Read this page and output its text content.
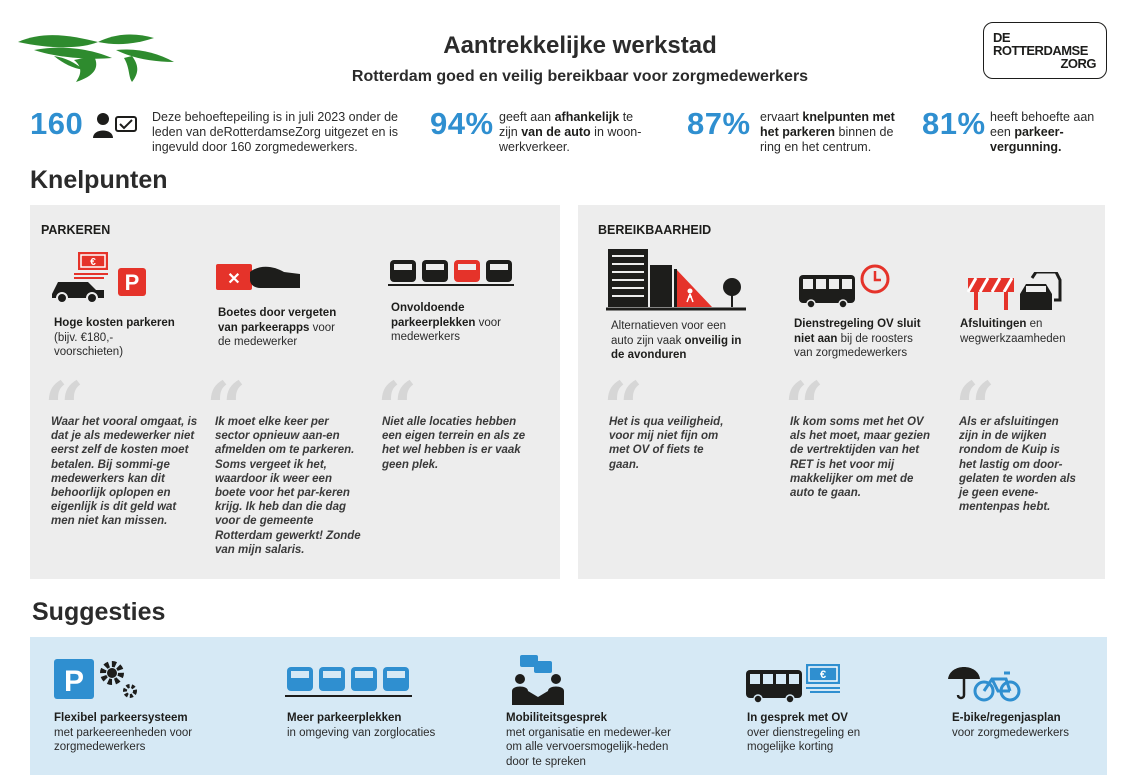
Aantrekkelijke werkstad
Rotterdam goed en veilig bereikbaar voor zorgmedewerkers
DE
ROTTERDAMSE
ZORG
160	Deze behoeftepeiling is in juli 2023 onder de leden van deRotterdamseZorg uitgezet en is ingevuld door 160 zorgmedewerkers.
94% geeft aan afhankelijk te zijn van de auto in woon-werkverkeer.
87% ervaart knelpunten met het parkeren binnen de ring en het centrum.
81% heeft behoefte aan een parkeer-vergunning.
Knelpunten
PARKEREN	BEREIKBAARHEID
€
P	✕
Hoge kosten parkeren (bijv. €180,- voorschieten)
Boetes door vergeten van parkeerapps voor de medewerker
Onvoldoende parkeerplekken voor medewerkers
Waar het vooral omgaat, is dat je als medewerker niet eerst zelf de kosten moet betalen. Bij sommi-ge medewerkers kan dit behoorlijk oplopen en eigenlijk is dit geld wat men niet kan missen.
Ik moet elke keer per sector opnieuw aan-en afmelden om te parkeren. Soms vergeet ik het, waardoor ik weer een boete voor het par-keren krijg. Ik heb dan die dag voor de gemeente Rotterdam gewerkt! Zonde van mijn salaris.
Niet alle locaties hebben een eigen terrein en als ze het wel hebben is er vaak geen plek.
Alternatieven voor een auto zijn vaak onveilig in de avonduren
Dienstregeling OV sluit niet aan bij de roosters van zorgmedewerkers
Afsluitingen en wegwerkzaamheden
Het is qua veiligheid, voor mij niet fijn om met OV of fiets te gaan.
Ik kom soms met het OV als het moet, maar gezien de vertrektijden van het RET is het voor mij makkelijker om met de auto te gaan.
Als er afsluitingen zijn in de wijken rondom de Kuip is het lastig om door-gelaten te worden als je geen evene-mentenpas hebt.
Suggesties
P	€
Flexibel parkeersysteem
met parkeereenheden voor zorgmedewerkers
Meer parkeerplekken
in omgeving van zorglocaties
Mobiliteitsgesprek
met organisatie en medewer-ker om alle vervoersmogelijk-heden door te spreken
In gesprek met OV
over dienstregeling en mogelijke korting
E-bike/regenjasplan
voor zorgmedewerkers
